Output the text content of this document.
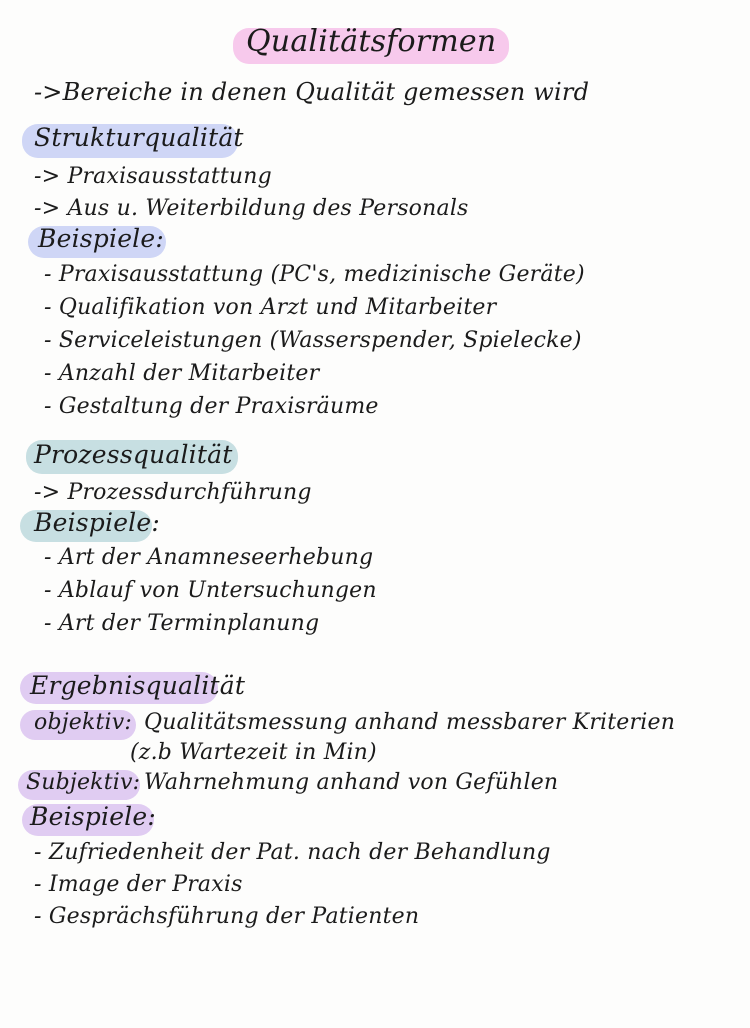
Qualitätsformen
->Bereiche in denen Qualität gemessen wird
Strukturqualität
-> Praxisausstattung
-> Aus u. Weiterbildung des Personals
Beispiele:
- Praxisausstattung (PC's, medizinische Geräte)
- Qualifikation von Arzt und Mitarbeiter
- Serviceleistungen (Wasserspender, Spielecke)
- Anzahl der Mitarbeiter
- Gestaltung der Praxisräume
Prozessqualität
-> Prozessdurchführung
Beispiele:
- Art der Anamneseerhebung
- Ablauf von Untersuchungen
- Art der Terminplanung
Ergebnisqualität
objektiv: Qualitätsmessung anhand messbarer Kriterien
(z.b Wartezeit in Min)
Subjektiv: Wahrnehmung anhand von Gefühlen
Beispiele:
- Zufriedenheit der Pat. nach der Behandlung
- Image der Praxis
- Gesprächsführung der Patienten
